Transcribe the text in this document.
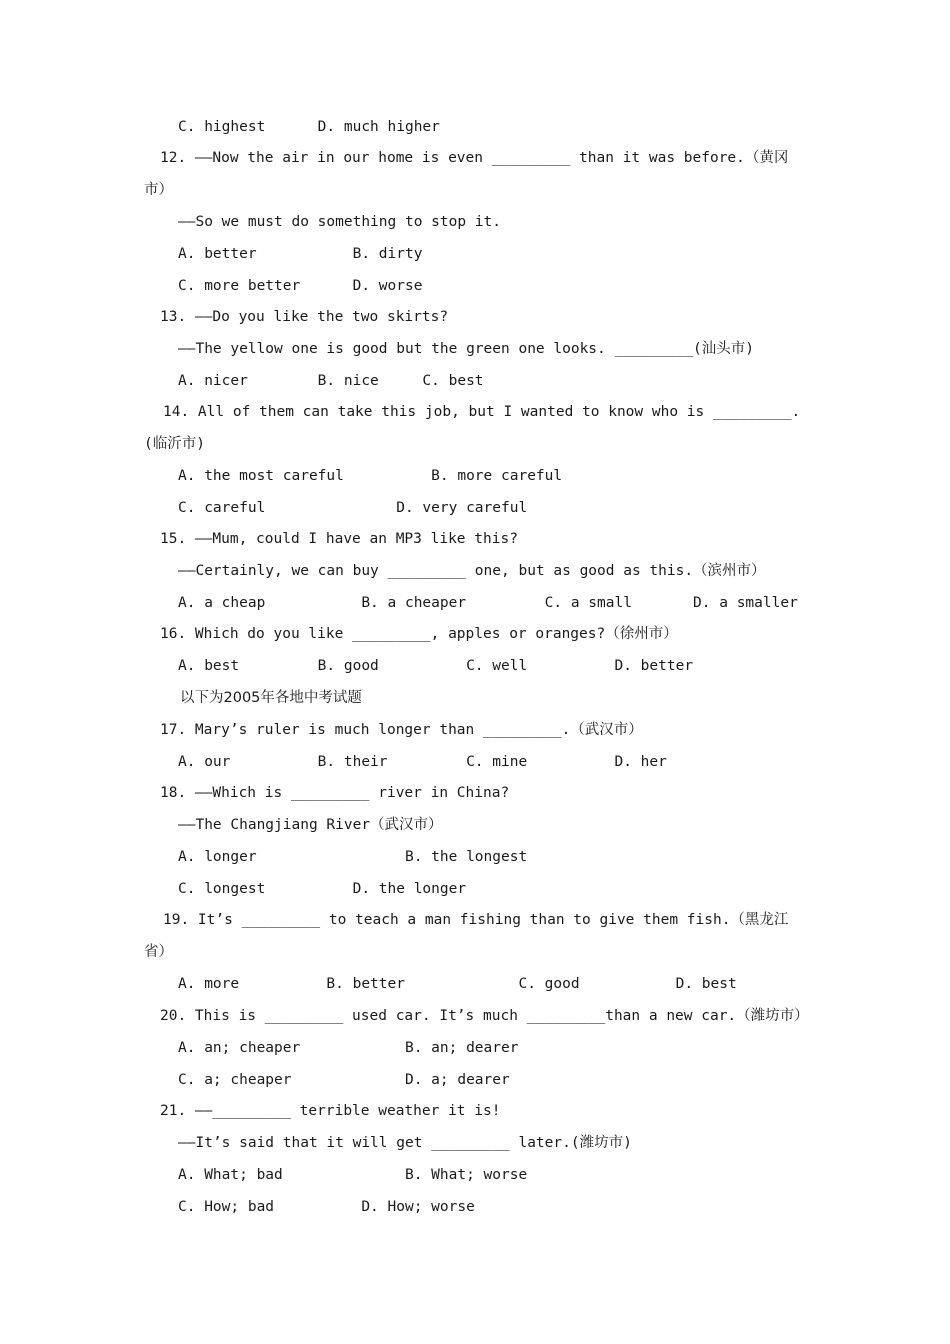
C. highest      D. much higher
12. ——Now the air in our home is even _________ than it was before.（黄冈
市）
——So we must do something to stop it.
A. better           B. dirty
C. more better      D. worse
13. ——Do you like the two skirts?
——The yellow one is good but the green one looks. _________(汕头市)
A. nicer        B. nice     C. best
14. All of them can take this job, but I wanted to know who is _________.
(临沂市)
A. the most careful          B. more careful
C. careful               D. very careful
15. ——Mum, could I have an MP3 like this?
——Certainly, we can buy _________ one, but as good as this.（滨州市）
A. a cheap           B. a cheaper         C. a small       D. a smaller
16. Which do you like _________, apples or oranges?（徐州市）
A. best         B. good          C. well          D. better
以下为2005年各地中考试题
17. Mary’s ruler is much longer than _________.（武汉市）
A. our          B. their         C. mine          D. her
18. ——Which is _________ river in China?
——The Changjiang River（武汉市）
A. longer                 B. the longest
C. longest          D. the longer
19. It’s _________ to teach a man fishing than to give them fish.（黑龙江
省）
A. more          B. better             C. good           D. best
20. This is _________ used car. It’s much _________than a new car.（潍坊市）
A. an; cheaper            B. an; dearer
C. a; cheaper             D. a; dearer
21. ——_________ terrible weather it is!
——It’s said that it will get _________ later.(潍坊市)
A. What; bad              B. What; worse
C. How; bad          D. How; worse
